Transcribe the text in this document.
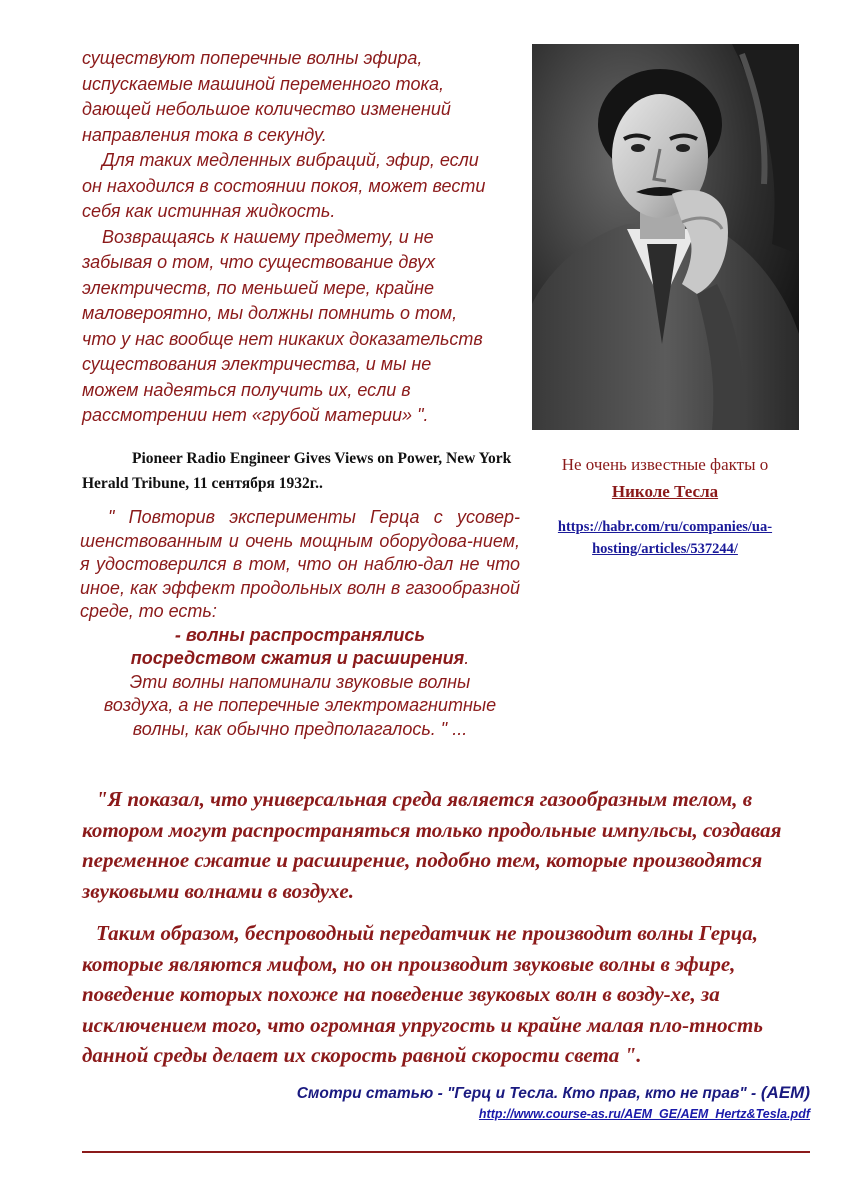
существуют поперечные волны эфира,
испускаемые машиной переменного тока,
дающей небольшое количество изменений
направления тока в секунду.
Для таких медленных вибраций, эфир, если
он находился в состоянии покоя, может вести
себя как истинная жидкость.
Возвращаясь к нашему предмету, и не
забывая о том, что существование двух
электричеств, по меньшей мере, крайне
маловероятно, мы должны помнить о том,
что у нас вообще нет никаких доказательств
существования электричества, и мы не
можем надеяться получить их, если в
рассмотрении нет «грубой материи» ".

Pioneer Radio Engineer Gives Views on Power, New York Herald Tribune, 11 сентября 1932г..

" Повторив эксперименты Герца с усовер-шенствованным и очень мощным оборудова-нием, я удостоверился в том, что он наблю-дал не что иное, как эффект продольных волн в газообразной среде, то есть:
- волны распространялись
посредством сжатия и расширения.
Эти волны напоминали звуковые волны
воздуха, а не поперечные электромагнитные
волны, как обычно предполагалось. " ...
Не очень известные факты о
Николе Тесла
https://habr.com/ru/companies/ua-
hosting/articles/537244/

"Я показал, что универсальная среда является газообразным телом, в котором могут распространяться только продольные импульсы, создавая переменное сжатие и расширение, подобно тем, которые производятся звуковыми волнами в воздухе.

Таким образом, беспроводный передатчик не производит волны Герца, которые являются мифом, но он производит звуковые волны в эфире, поведение которых похоже на поведение звуковых волн в возду-хе, за исключением того, что огромная упругость и крайне малая пло-тность данной среды делает их скорость равной скорости света ".

Смотри статью - "Герц и Тесла. Кто прав, кто не прав" - (АЕМ)

http://www.course-as.ru/AEM_GE/AEM_Hertz&Tesla.pdf
